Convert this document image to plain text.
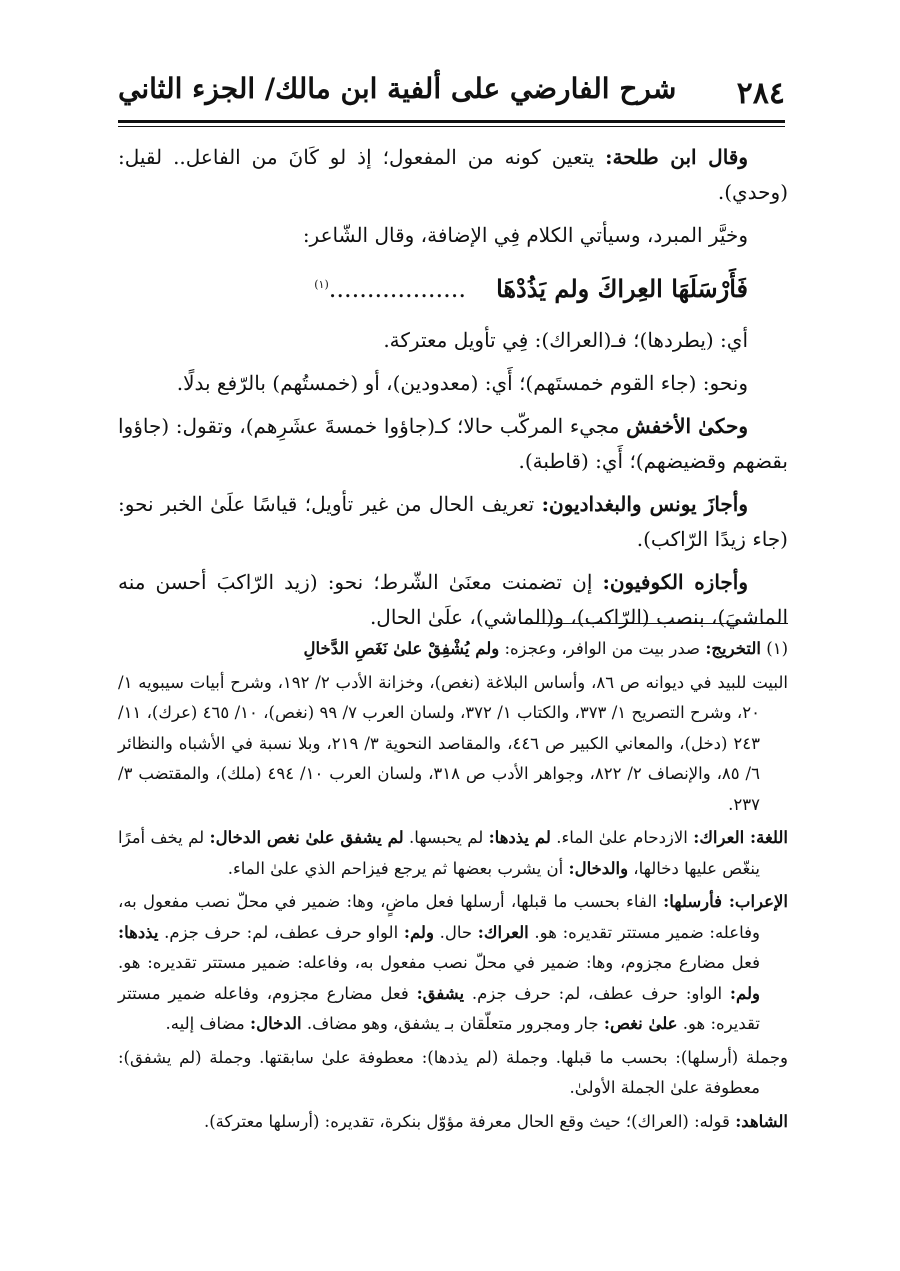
٢٨٤
شرح الفارضي على ألفية ابن مالك/ الجزء الثاني

وقال ابن طلحة: يتعين كونه من المفعول؛ إذ لو كَانَ من الفاعل.. لقيل: (وحدي).

وخيَّر المبرد، وسيأتي الكلام فِي الإضافة، وقال الشّاعر:

فَأَرْسَلَهَا العِراكَ ولم يَذُدْهَا..................$^{(١)}$

أي: (يطردها)؛ فـ(العراك): فِي تأويل معتركة.

ونحو: (جاء القوم خمستَهم)؛ أَي: (معدودين)، أو (خمستُهم) بالرّفع بدلًا.

وحكىٰ الأخفش مجيء المركّب حالا؛ كـ(جاؤوا خمسةَ عشَرِهم)، وتقول: (جاؤوا بقضهم وقضيضهم)؛ أَي: (قاطبة).

وأجازَ يونس والبغداديون: تعريف الحال من غير تأويل؛ قياسًا علَىٰ الخبر نحو: (جاء زيدًا الرّاكب).

وأجازه الكوفيون: إن تضمنت معنَىٰ الشّرط؛ نحو: (زيد الرّاكبَ أحسن منه الماشيَ)، بنصب (الرّاكب)، و(الماشي)، علَىٰ الحال.

(١) التخريج: صدر بيت من الوافر، وعجزه: ولم يُشْفِقْ علىٰ نَغَصِ الدَّخالِ

البيت للبيد في ديوانه ص ٨٦، وأساس البلاغة (نغص)، وخزانة الأدب ٢/ ١٩٢، وشرح أبيات سيبويه ١/ ٢٠، وشرح التصريح ١/ ٣٧٣، والكتاب ١/ ٣٧٢، ولسان العرب ٧/ ٩٩ (نغص)، ١٠/ ٤٦٥ (عرك)، ١١/ ٢٤٣ (دخل)، والمعاني الكبير ص ٤٤٦، والمقاصد النحوية ٣/ ٢١٩، وبلا نسبة في الأشباه والنظائر ٦/ ٨٥، والإنصاف ٢/ ٨٢٢، وجواهر الأدب ص ٣١٨، ولسان العرب ١٠/ ٤٩٤ (ملك)، والمقتضب ٣/ ٢٣٧.

اللغة: العراك: الازدحام علىٰ الماء. لم يذدها: لم يحبسها. لم يشفق علىٰ نغص الدخال: لم يخف أمرًا ينغّص عليها دخالها، والدخال: أن يشرب بعضها ثم يرجع فيزاحم الذي علىٰ الماء.

الإعراب: فأرسلها: الفاء بحسب ما قبلها، أرسلها فعل ماضٍ، وها: ضمير في محلّ نصب مفعول به، وفاعله: ضمير مستتر تقديره: هو. العراك: حال. ولم: الواو حرف عطف، لم: حرف جزم. يذدها: فعل مضارع مجزوم، وها: ضمير في محلّ نصب مفعول به، وفاعله: ضمير مستتر تقديره: هو. ولم: الواو: حرف عطف، لم: حرف جزم. يشفق: فعل مضارع مجزوم، وفاعله ضمير مستتر تقديره: هو. علىٰ نغص: جار ومجرور متعلّقان بـ يشفق، وهو مضاف. الدخال: مضاف إليه.

وجملة (أرسلها): بحسب ما قبلها. وجملة (لم يذدها): معطوفة علىٰ سابقتها. وجملة (لم يشفق): معطوفة علىٰ الجملة الأولىٰ.

الشاهد: قوله: (العراك)؛ حيث وقع الحال معرفة مؤوّل بنكرة، تقديره: (أرسلها معتركة).
